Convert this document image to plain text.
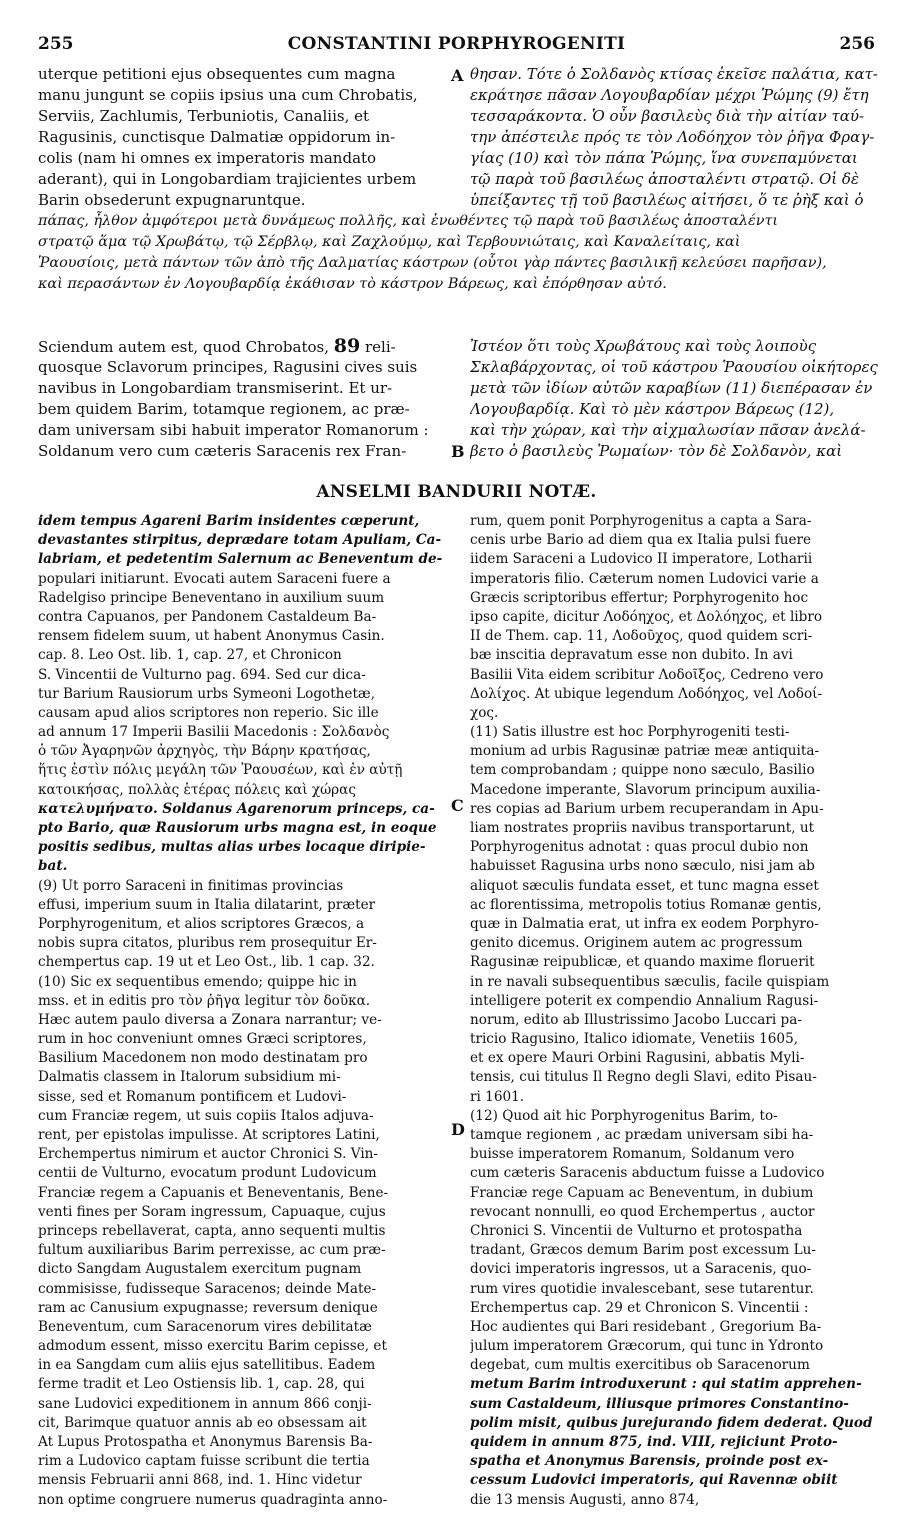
255	CONSTANTINI PORPHYROGENITI	256
uterque petitioni ejus obsequentes cum magna
manu jungunt se copiis ipsius una cum Chrobatis,
Serviis, Zachlumis, Terbuniotis, Canaliis, et
Ragusinis, cunctisque Dalmatiæ oppidorum in-
colis (nam hi omnes ex imperatoris mandato
aderant), qui in Longobardiam trajicientes urbem
Barin obsederunt expugnaruntque.
A θησαν. Τότε ὁ Σολδανὸς κτίσας ἐκεῖσε παλάτια, κατ-
εκράτησε πᾶσαν Λογουβαρδίαν μέχρι Ῥώμης (9) ἔτη
τεσσαράκοντα. Ὁ οὖν βασιλεὺς διὰ τὴν αἰτίαν ταύ-
την ἀπέστειλε πρός τε τὸν Λοδόηχον τὸν ῥῆγα Φραγ-
γίας (10) καὶ τὸν πάπα Ῥώμης, ἵνα συνεπαμύνεται
τῷ παρὰ τοῦ βασιλέως ἀποσταλέντι στρατῷ. Οἱ δὲ
ὑπείξαντες τῇ τοῦ βασιλέως αἰτήσει, ὅ τε ῥὴξ καὶ ὁ
πάπας, ἦλθον ἀμφότεροι μετὰ δυνάμεως πολλῆς, καὶ ἑνωθέντες τῷ παρὰ τοῦ βασιλέως ἀποσταλέντι
στρατῷ ἅμα τῷ Χρωβάτῳ, τῷ Σέρβλῳ, καὶ Ζαχλούμῳ, καὶ Τερβουνιώταις, καὶ Καναλείταις, καὶ
Ῥαουσίοις, μετὰ πάντων τῶν ἀπὸ τῆς Δαλματίας κάστρων (οὗτοι γὰρ πάντες βασιλικῇ κελεύσει παρῆσαν),
καὶ περασάντων ἐν Λογουβαρδίᾳ ἐκάθισαν τὸ κάστρον Βάρεως, καὶ ἐπόρθησαν αὐτό.
Sciendum autem est, quod Chrobatos, 89 reli-
quosque Sclavorum principes, Ragusini cives suis
navibus in Longobardiam transmiserint. Et ur-
bem quidem Barim, totamque regionem, ac præ-
dam universam sibi habuit imperator Romanorum :
Soldanum vero cum cæteris Saracenis rex Fran-
Ἰστέον ὅτι τοὺς Χρωβάτους καὶ τοὺς λοιποὺς
Σκλαβάρχοντας, οἱ τοῦ κάστρου Ῥαουσίου οἰκήτορες
μετὰ τῶν ἰδίων αὐτῶν καραβίων (11) διεπέρασαν ἐν
Λογουβαρδίᾳ. Καὶ τὸ μὲν κάστρον Βάρεως (12),
καὶ τὴν χώραν, καὶ τὴν αἰχμαλωσίαν πᾶσαν ἀνελά-
βετο ὁ βασιλεὺς Ῥωμαίων· τὸν δὲ Σολδανὸν, καὶ
B
ANSELMI BANDURII NOTÆ.
idem tempus Agareni Barim insidentes cœperunt,
devastantes stirpitus, deprædare totam Apuliam, Ca-
labriam, et pedetentim Salernum ac Beneventum de-
populari initiarunt. Evocati autem Saraceni fuere a
Radelgiso principe Beneventano in auxilium suum
contra Capuanos, per Pandonem Castaldeum Ba-
rensem fidelem suum, ut habent Anonymus Casin.
cap. 8. Leo Ost. lib. 1, cap. 27, et Chronicon
S. Vincentii de Vulturno pag. 694. Sed cur dica-
tur Barium Rausiorum urbs Symeoni Logothetæ,
causam apud alios scriptores non reperio. Sic ille
ad annum 17 Imperii Basilii Macedonis : Σολδανὸς
ὁ τῶν Ἀγαρηνῶν ἀρχηγὸς, τὴν Βάρην κρατήσας,
ἥτις ἐστὶν πόλις μεγάλη τῶν Ῥαουσέων, καὶ ἐν αὐτῇ
κατοικήσας, πολλὰς ἑτέρας πόλεις καὶ χώρας
κατελυμήνατο. Soldanus Agarenorum princeps, ca-
pto Bario, quæ Rausiorum urbs magna est, in eoque
positis sedibus, multas alias urbes locaque diripie-
bat.
(9) Ut porro Saraceni in finitimas provincias
effusi, imperium suum in Italia dilatarint, præter
Porphyrogenitum, et alios scriptores Græcos, a
nobis supra citatos, pluribus rem prosequitur Er-
chempertus cap. 19 ut et Leo Ost., lib. 1 cap. 32.
(10) Sic ex sequentibus emendo; quippe hic in
mss. et in editis pro τὸν ῥῆγα legitur τὸν δοῦκα.
Hæc autem paulo diversa a Zonara narrantur; ve-
rum in hoc conveniunt omnes Græci scriptores,
Basilium Macedonem non modo destinatam pro
Dalmatis classem in Italorum subsidium mi-
sisse, sed et Romanum pontificem et Ludovi-
cum Franciæ regem, ut suis copiis Italos adjuva-
rent, per epistolas impulisse. At scriptores Latini,
Erchempertus nimirum et auctor Chronici S. Vin-
centii de Vulturno, evocatum produnt Ludovicum
Franciæ regem a Capuanis et Beneventanis, Bene-
venti fines per Soram ingressum, Capuaque, cujus
princeps rebellaverat, capta, anno sequenti multis
fultum auxiliaribus Barim perrexisse, ac cum præ-
dicto Sangdam Augustalem exercitum pugnam
commisisse, fudisseque Saracenos; deinde Mate-
ram ac Canusium expugnasse; reversum denique
Beneventum, cum Saracenorum vires debilitatæ
admodum essent, misso exercitu Barim cepisse, et
in ea Sangdam cum aliis ejus satellitibus. Eadem
ferme tradit et Leo Ostiensis lib. 1, cap. 28, qui
sane Ludovici expeditionem in annum 866 conji-
cit, Barimque quatuor annis ab eo obsessam ait
At Lupus Protospatha et Anonymus Barensis Ba-
rim a Ludovico captam fuisse scribunt die tertia
mensis Februarii anni 868, ind. 1. Hinc videtur
non optime congruere numerus quadraginta anno-
C
D
rum, quem ponit Porphyrogenitus a capta a Sara-
cenis urbe Bario ad diem qua ex Italia pulsi fuere
iidem Saraceni a Ludovico II imperatore, Lotharii
imperatoris filio. Cæterum nomen Ludovici varie a
Græcis scriptoribus effertur; Porphyrogenito hoc
ipso capite, dicitur Λοδόηχος, et Δολόηχος, et libro
II de Them. cap. 11, Λοδοῦχος, quod quidem scri-
bæ inscitia depravatum esse non dubito. In avi
Basilii Vita eidem scribitur Λοδοῖξος, Cedreno vero
Δολίχος. At ubique legendum Λοδόηχος, vel Λοδοί-
χος.
(11) Satis illustre est hoc Porphyrogeniti testi-
monium ad urbis Ragusinæ patriæ meæ antiquita-
tem comprobandam ; quippe nono sæculo, Basilio
Macedone imperante, Slavorum principum auxilia-
res copias ad Barium urbem recuperandam in Apu-
liam nostrates propriis navibus transportarunt, ut
Porphyrogenitus adnotat : quas procul dubio non
habuisset Ragusina urbs nono sæculo, nisi jam ab
aliquot sæculis fundata esset, et tunc magna esset
ac florentissima, metropolis totius Romanæ gentis,
quæ in Dalmatia erat, ut infra ex eodem Porphyro-
genito dicemus. Originem autem ac progressum
Ragusinæ reipublicæ, et quando maxime floruerit
in re navali subsequentibus sæculis, facile quispiam
intelligere poterit ex compendio Annalium Ragusi-
norum, edito ab Illustrissimo Jacobo Luccari pa-
tricio Ragusino, Italico idiomate, Venetiis 1605,
et ex opere Mauri Orbini Ragusini, abbatis Myli-
tensis, cui titulus Il Regno degli Slavi, edito Pisau-
ri 1601.
(12) Quod ait hic Porphyrogenitus Barim, to-
tamque regionem , ac prædam universam sibi ha-
buisse imperatorem Romanum, Soldanum vero
cum cæteris Saracenis abductum fuisse a Ludovico
Franciæ rege Capuam ac Beneventum, in dubium
revocant nonnulli, eo quod Erchempertus , auctor
Chronici S. Vincentii de Vulturno et protospatha
tradant, Græcos demum Barim post excessum Lu-
dovici imperatoris ingressos, ut a Saracenis, quo-
rum vires quotidie invalescebant, sese tutarentur.
Erchempertus cap. 29 et Chronicon S. Vincentii :
Hoc audientes qui Bari residebant , Gregorium Ba-
julum imperatorem Græcorum, qui tunc in Ydronto
degebat, cum multis exercitibus ob Saracenorum
metum Barim introduxerunt : qui statim apprehen-
sum Castaldeum, illiusque primores Constantino-
polim misit, quibus jurejurando fidem dederat. Quod
quidem in annum 875, ind. VIII, rejiciunt Proto-
spatha et Anonymus Barensis, proinde post ex-
cessum Ludovici imperatoris, qui Ravennæ obiit
die 13 mensis Augusti, anno 874,
